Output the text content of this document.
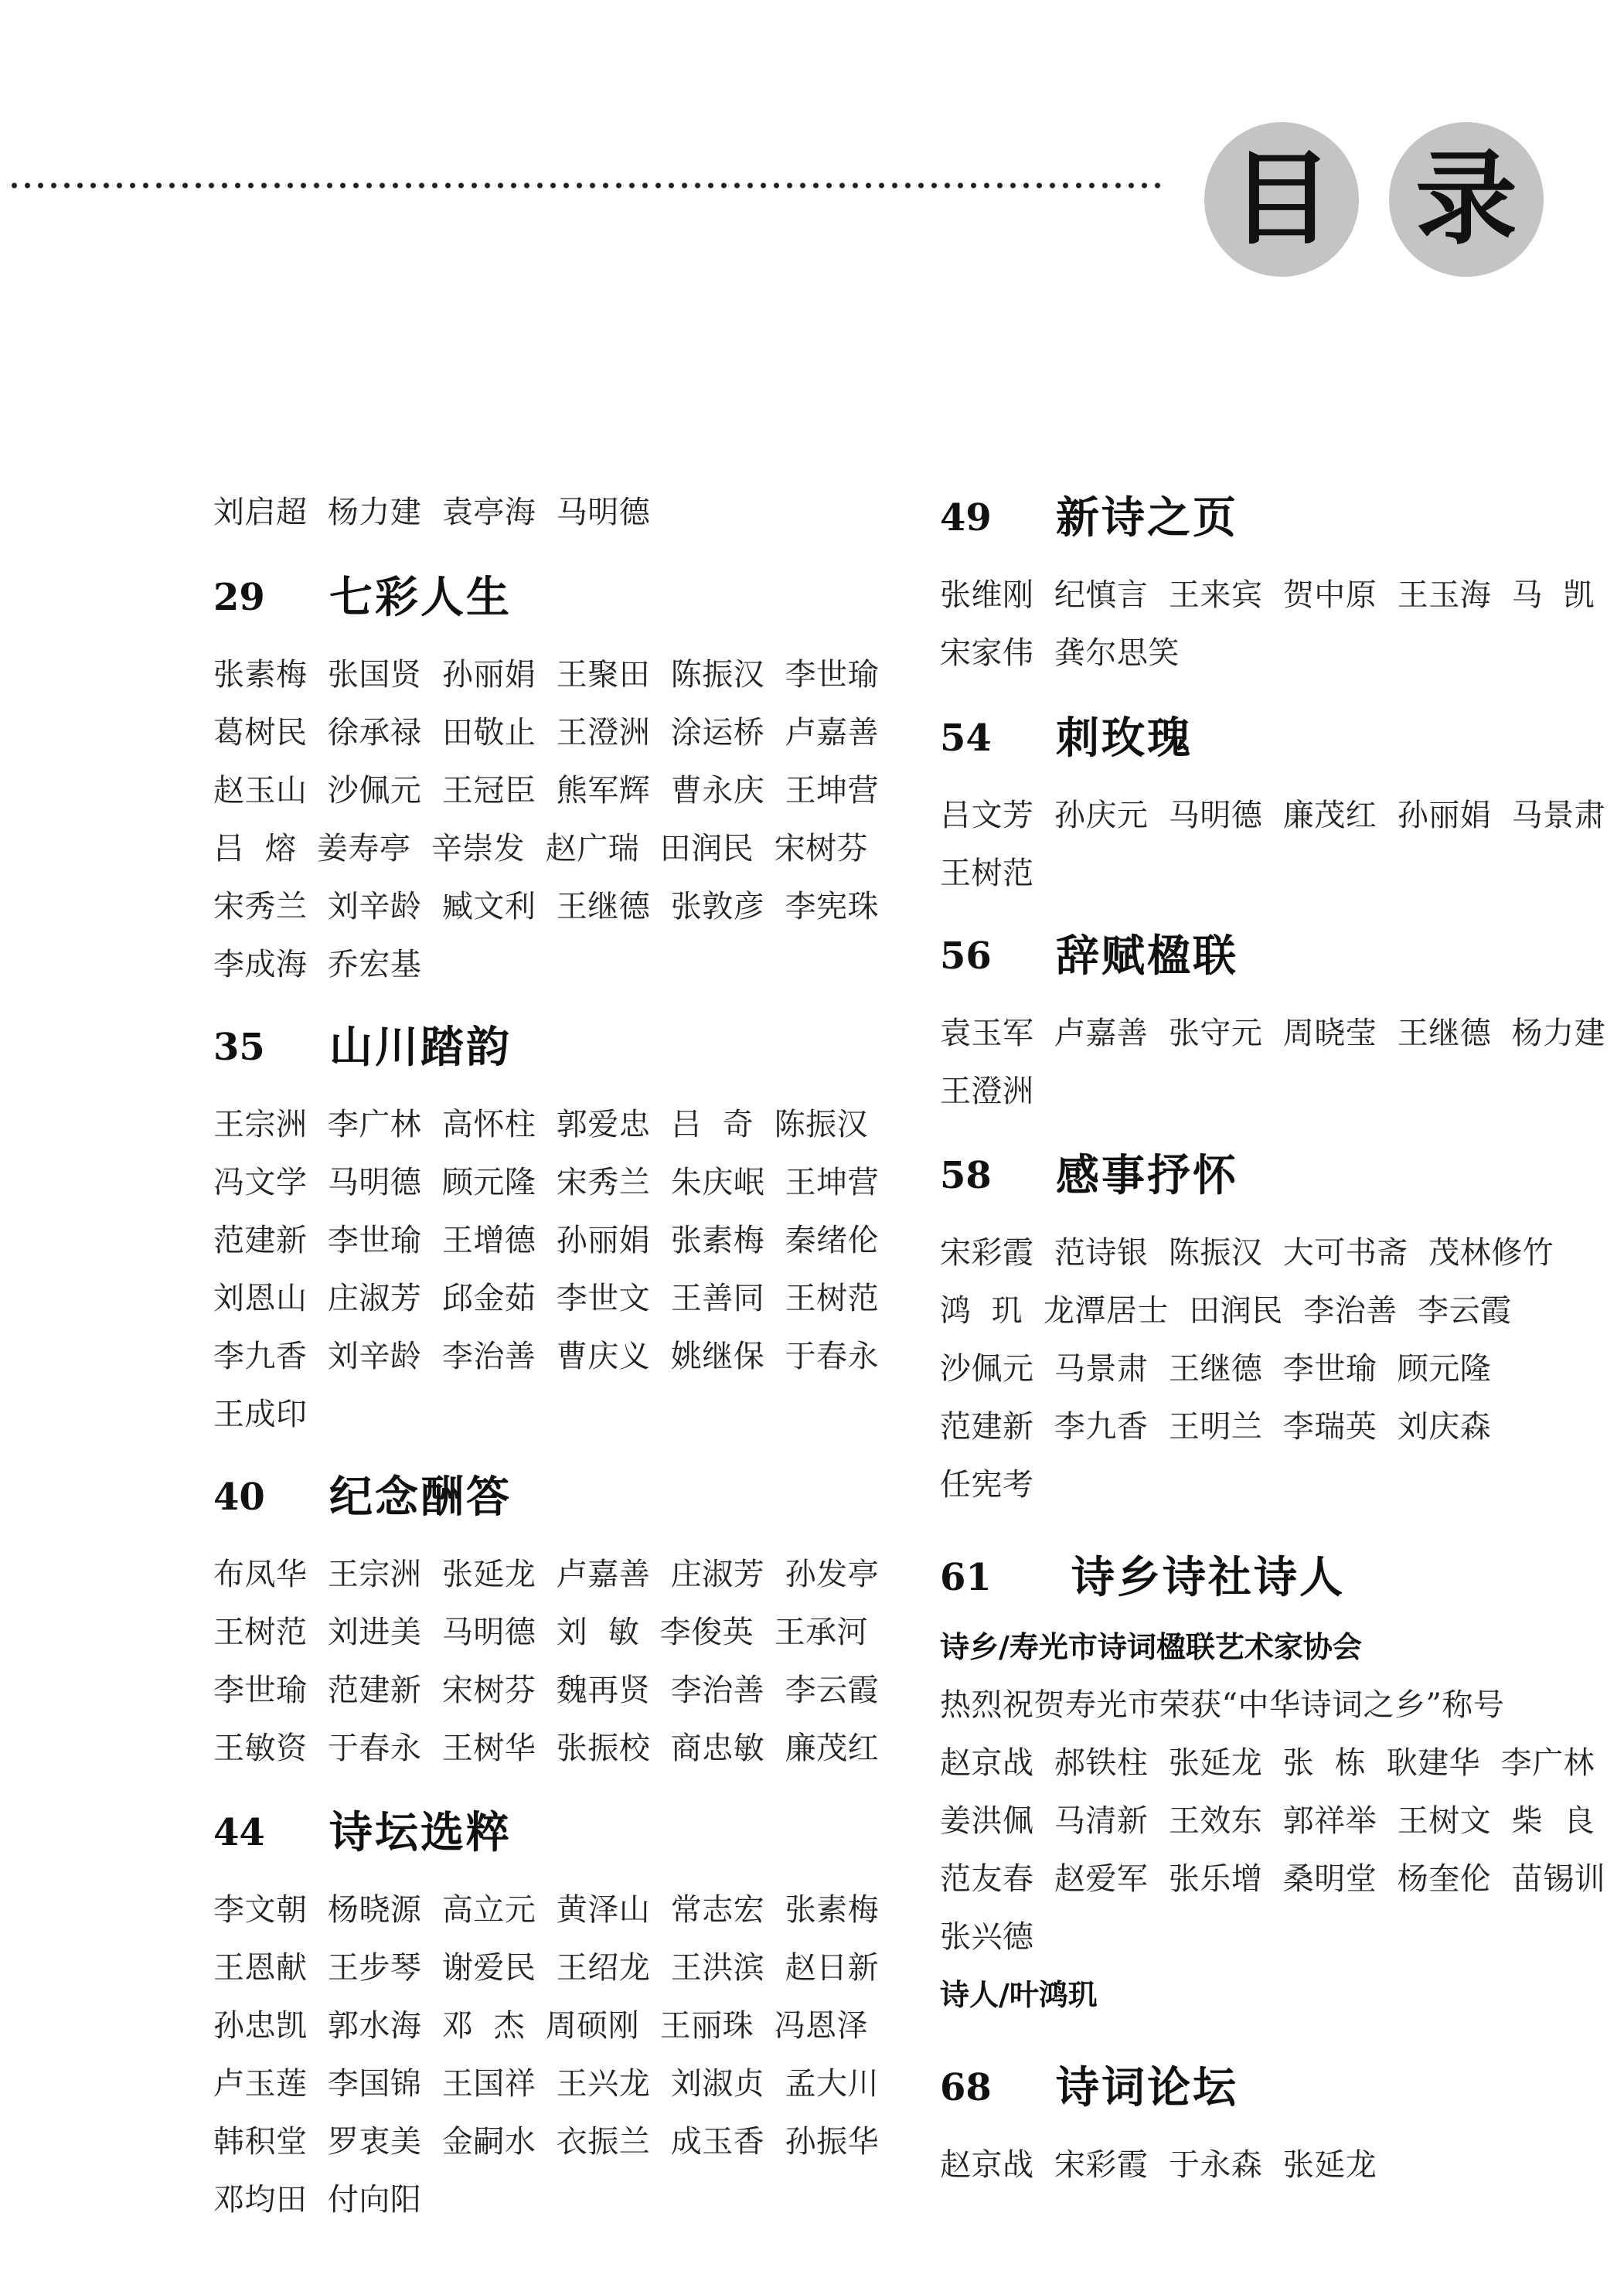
目 录
刘启超  杨力建  袁亭海  马明德
29 七彩人生
张素梅  张国贤  孙丽娟  王聚田  陈振汉  李世瑜
葛树民  徐承禄  田敬止  王澄洲  涂运桥  卢嘉善
赵玉山  沙佩元  王冠臣  熊军辉  曹永庆  王坤营
吕  熔  姜寿亭  辛崇发  赵广瑞  田润民  宋树芬
宋秀兰  刘辛龄  臧文利  王继德  张敦彦  李宪珠
李成海  乔宏基
35 山川踏韵
王宗洲  李广林  高怀柱  郭爱忠  吕  奇  陈振汉
冯文学  马明德  顾元隆  宋秀兰  朱庆岷  王坤营
范建新  李世瑜  王增德  孙丽娟  张素梅  秦绪伦
刘恩山  庄淑芳  邱金茹  李世文  王善同  王树范
李九香  刘辛龄  李治善  曹庆义  姚继保  于春永
王成印
40 纪念酬答
布凤华  王宗洲  张延龙  卢嘉善  庄淑芳  孙发亭
王树范  刘进美  马明德  刘  敏  李俊英  王承河
李世瑜  范建新  宋树芬  魏再贤  李治善  李云霞
王敏资  于春永  王树华  张振校  商忠敏  廉茂红
44 诗坛选粹
李文朝  杨晓源  高立元  黄泽山  常志宏  张素梅
王恩献  王步琴  谢爱民  王绍龙  王洪滨  赵日新
孙忠凯  郭水海  邓  杰  周硕刚  王丽珠  冯恩泽
卢玉莲  李国锦  王国祥  王兴龙  刘淑贞  孟大川
韩积堂  罗衷美  金嗣水  衣振兰  成玉香  孙振华
邓均田  付向阳
49 新诗之页
张维刚  纪慎言  王来宾  贺中原  王玉海  马  凯
宋家伟  龚尔思笑
54 刺玫瑰
吕文芳  孙庆元  马明德  廉茂红  孙丽娟  马景肃
王树范
56 辞赋楹联
袁玉军  卢嘉善  张守元  周晓莹  王继德  杨力建
王澄洲
58 感事抒怀
宋彩霞  范诗银  陈振汉  大可书斋  茂林修竹
鸿  玑  龙潭居士  田润民  李治善  李云霞
沙佩元  马景肃  王继德  李世瑜  顾元隆
范建新  李九香  王明兰  李瑞英  刘庆森
任宪考
61 诗乡诗社诗人
诗乡/寿光市诗词楹联艺术家协会
热烈祝贺寿光市荣获“中华诗词之乡”称号
赵京战  郝铁柱  张延龙  张  栋  耿建华  李广林
姜洪佩  马清新  王效东  郭祥举  王树文  柴  良
范友春  赵爱军  张乐增  桑明堂  杨奎伦  苗锡训
张兴德
诗人/叶鸿玑
68 诗词论坛
赵京战  宋彩霞  于永森  张延龙
